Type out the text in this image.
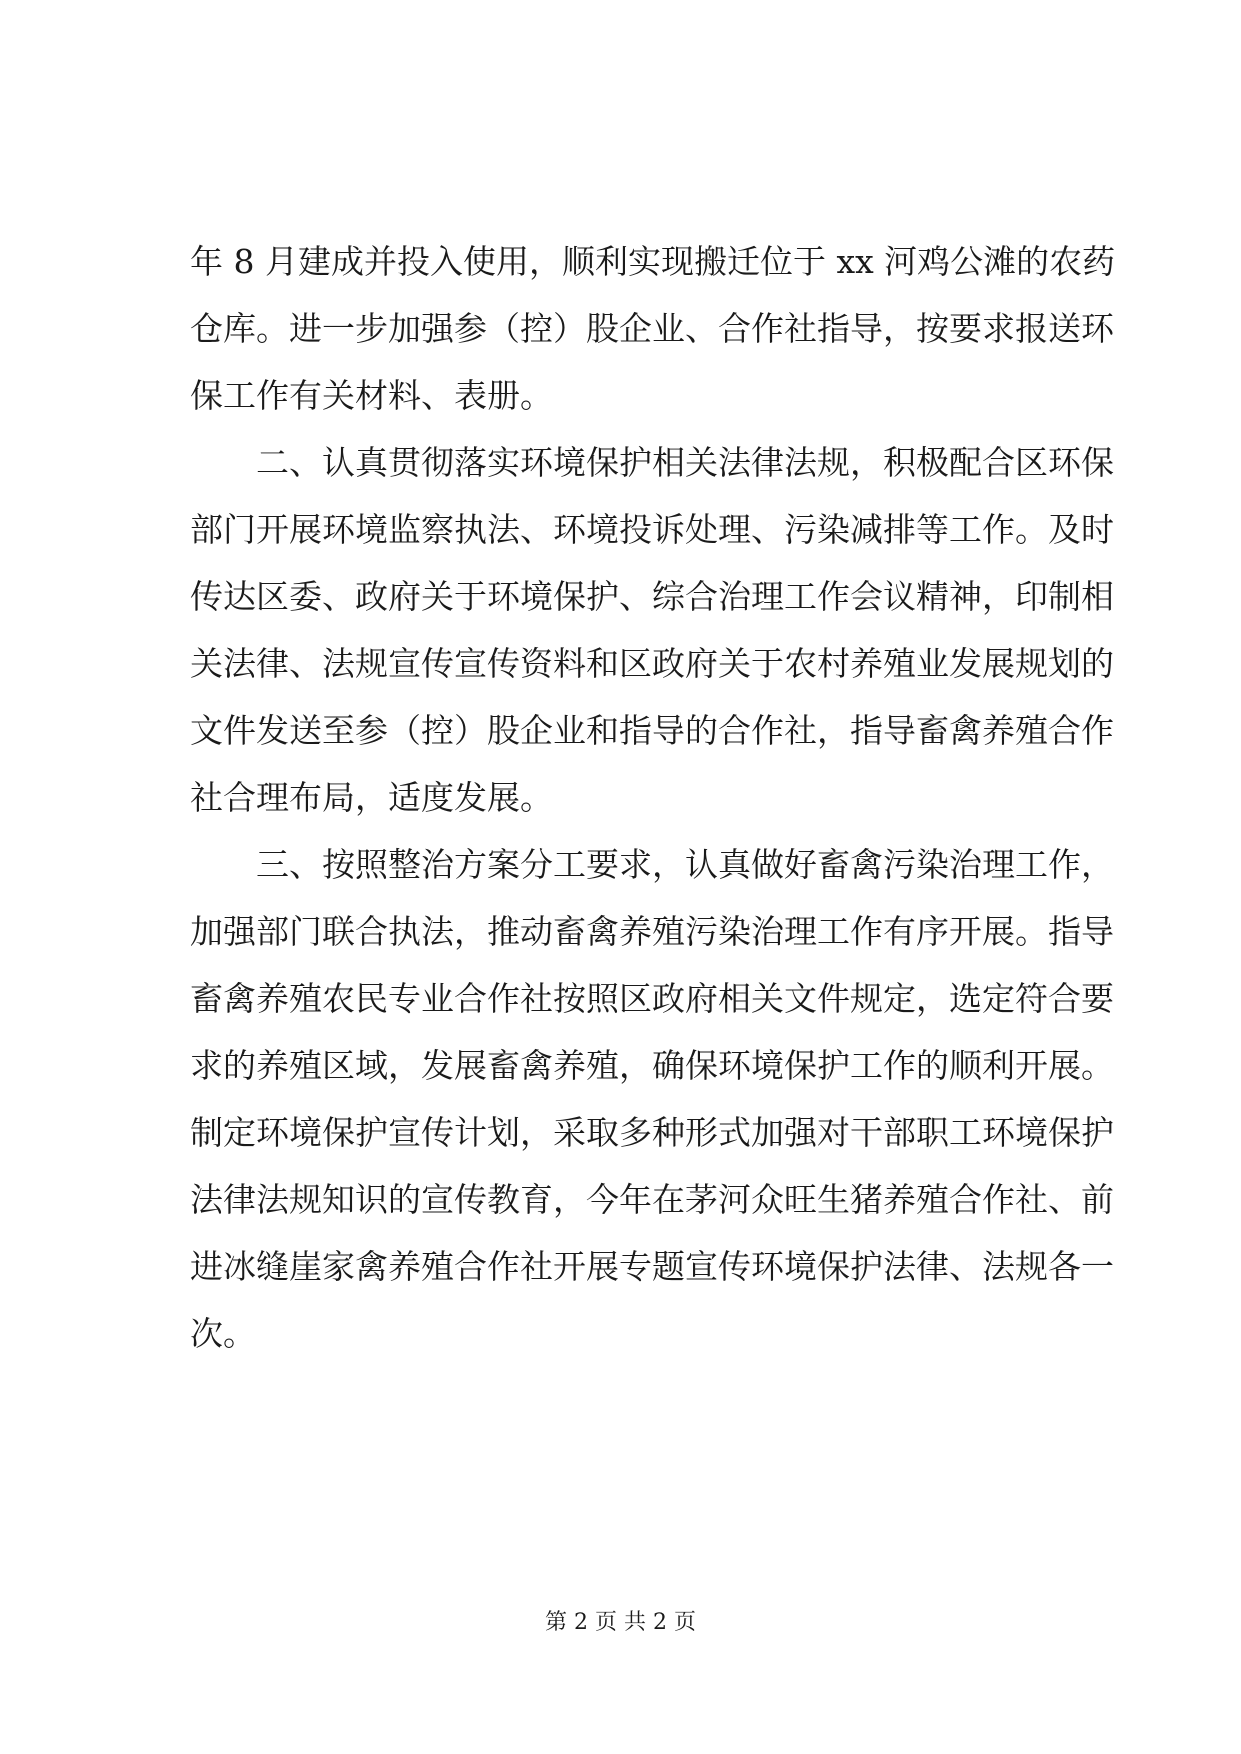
年 8 月建成并投入使用，顺利实现搬迁位于 xx 河鸡公滩的农药
仓库。进一步加强参（控）股企业、合作社指导，按要求报送环
保工作有关材料、表册。
二、认真贯彻落实环境保护相关法律法规，积极配合区环保
部门开展环境监察执法、环境投诉处理、污染减排等工作。及时
传达区委、政府关于环境保护、综合治理工作会议精神，印制相
关法律、法规宣传宣传资料和区政府关于农村养殖业发展规划的
文件发送至参（控）股企业和指导的合作社，指导畜禽养殖合作
社合理布局，适度发展。
三、按照整治方案分工要求，认真做好畜禽污染治理工作，
加强部门联合执法，推动畜禽养殖污染治理工作有序开展。指导
畜禽养殖农民专业合作社按照区政府相关文件规定，选定符合要
求的养殖区域，发展畜禽养殖，确保环境保护工作的顺利开展。
制定环境保护宣传计划，采取多种形式加强对干部职工环境保护
法律法规知识的宣传教育，今年在茅河众旺生猪养殖合作社、前
进冰缝崖家禽养殖合作社开展专题宣传环境保护法律、法规各一
次。
第 2 页 共 2 页
